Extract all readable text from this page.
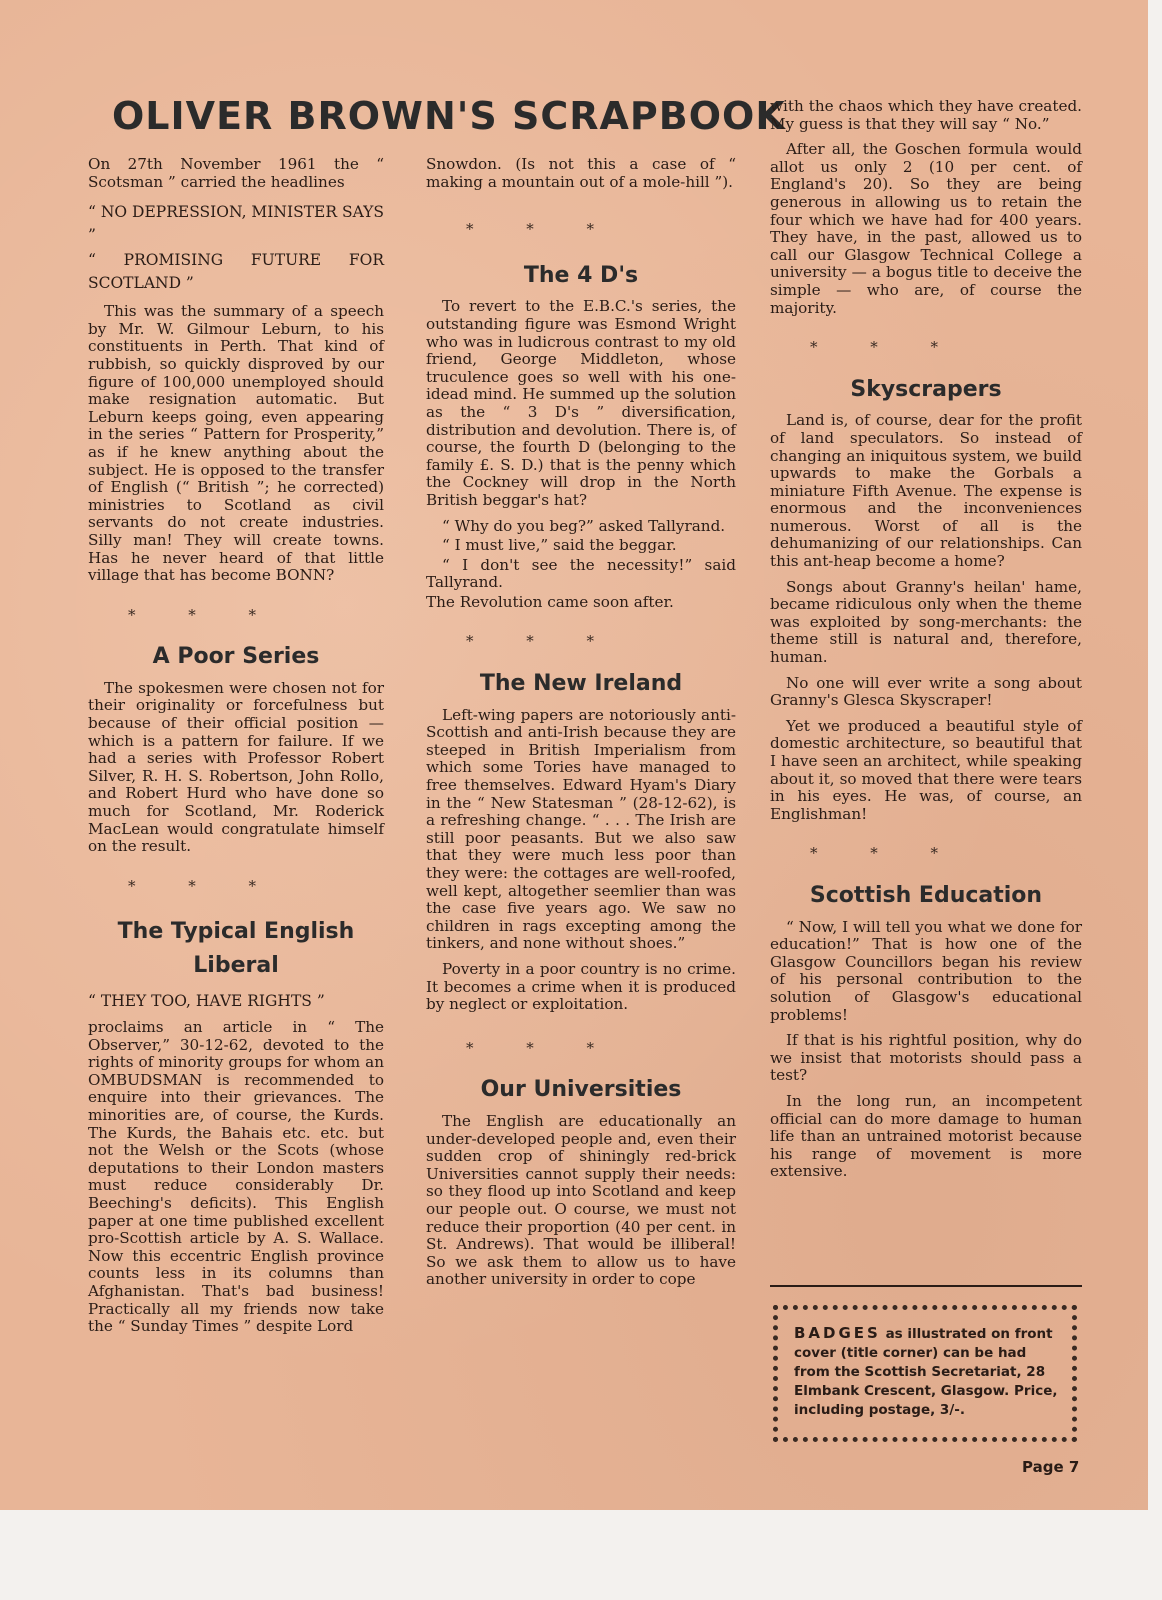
OLIVER BROWN'S SCRAPBOOK

On 27th November 1961 the “ Scotsman ” carried the headlines

“ NO DEPRESSION, MINISTER SAYS ”

“ PROMISING FUTURE FOR SCOTLAND ”

This was the summary of a speech by Mr. W. Gilmour Leburn, to his constituents in Perth. That kind of rubbish, so quickly disproved by our figure of 100,000 unemployed should make resignation automatic. But Leburn keeps going, even appearing in the series “ Pattern for Prosperity,” as if he knew anything about the subject. He is opposed to the transfer of English (“ British ”; he corrected) ministries to Scotland as civil servants do not create industries. Silly man! They will create towns. Has he never heard of that little village that has become BONN?

* * *

A Poor Series

The spokesmen were chosen not for their originality or forcefulness but because of their official position —which is a pattern for failure. If we had a series with Professor Robert Silver, R. H. S. Robertson, John Rollo, and Robert Hurd who have done so much for Scotland, Mr. Roderick MacLean would congratulate himself on the result.

* * *

The Typical English Liberal

“ THEY TOO, HAVE RIGHTS ”

proclaims an article in “ The Observer,” 30-12-62, devoted to the rights of minority groups for whom an OMBUDSMAN is recommended to enquire into their grievances. The minorities are, of course, the Kurds. The Kurds, the Bahais etc. etc. but not the Welsh or the Scots (whose deputations to their London masters must reduce considerably Dr. Beeching's deficits). This English paper at one time published excellent pro-Scottish article by A. S. Wallace. Now this eccentric English province counts less in its columns than Afghanistan. That's bad business! Practically all my friends now take the “ Sunday Times ” despite Lord

Snowdon. (Is not this a case of “ making a mountain out of a mole-hill ”).

* * *

The 4 D's

To revert to the E.B.C.'s series, the outstanding figure was Esmond Wright who was in ludicrous contrast to my old friend, George Middleton, whose truculence goes so well with his one-idead mind. He summed up the solution as the “ 3 D's ” diversification, distribution and devolution. There is, of course, the fourth D (belonging to the family £. S. D.) that is the penny which the Cockney will drop in the North British beggar's hat?

“ Why do you beg?” asked Tallyrand.

“ I must live,” said the beggar.

“ I don't see the necessity!” said Tallyrand.

The Revolution came soon after.

* * *

The New Ireland

Left-wing papers are notoriously anti-Scottish and anti-Irish because they are steeped in British Imperialism from which some Tories have managed to free themselves. Edward Hyam's Diary in the “ New Statesman ” (28-12-62), is a refreshing change. “ . . . The Irish are still poor peasants. But we also saw that they were much less poor than they were: the cottages are well-roofed, well kept, altogether seemlier than was the case five years ago. We saw no children in rags excepting among the tinkers, and none without shoes.”

Poverty in a poor country is no crime. It becomes a crime when it is produced by neglect or exploitation.

* * *

Our Universities

The English are educationally an under-developed people and, even their sudden crop of shiningly red-brick Universities cannot supply their needs: so they flood up into Scotland and keep our people out. O course, we must not reduce their proportion (40 per cent. in St. Andrews). That would be illiberal! So we ask them to allow us to have another university in order to cope

with the chaos which they have created. My guess is that they will say “ No.”

After all, the Goschen formula would allot us only 2 (10 per cent. of England's 20). So they are being generous in allowing us to retain the four which we have had for 400 years. They have, in the past, allowed us to call our Glasgow Technical College a university — a bogus title to deceive the simple — who are, of course the majority.

* * *

Skyscrapers

Land is, of course, dear for the profit of land speculators. So instead of changing an iniquitous system, we build upwards to make the Gorbals a miniature Fifth Avenue. The expense is enormous and the inconveniences numerous. Worst of all is the dehumanizing of our relationships. Can this ant-heap become a home?

Songs about Granny's heilan' hame, became ridiculous only when the theme was exploited by song-merchants: the theme still is natural and, therefore, human.

No one will ever write a song about Granny's Glesca Skyscraper!

Yet we produced a beautiful style of domestic architecture, so beautiful that I have seen an architect, while speaking about it, so moved that there were tears in his eyes. He was, of course, an Englishman!

* * *

Scottish Education

“ Now, I will tell you what we done for education!” That is how one of the Glasgow Councillors began his review of his personal contribution to the solution of Glasgow's educational problems!

If that is his rightful position, why do we insist that motorists should pass a test?

In the long run, an incompetent official can do more damage to human life than an untrained motorist because his range of movement is more extensive.

BADGES as illustrated on front cover (title corner) can be had from the Scottish Secretariat, 28 Elmbank Crescent, Glasgow. Price, including postage, 3/-.
Page 7
